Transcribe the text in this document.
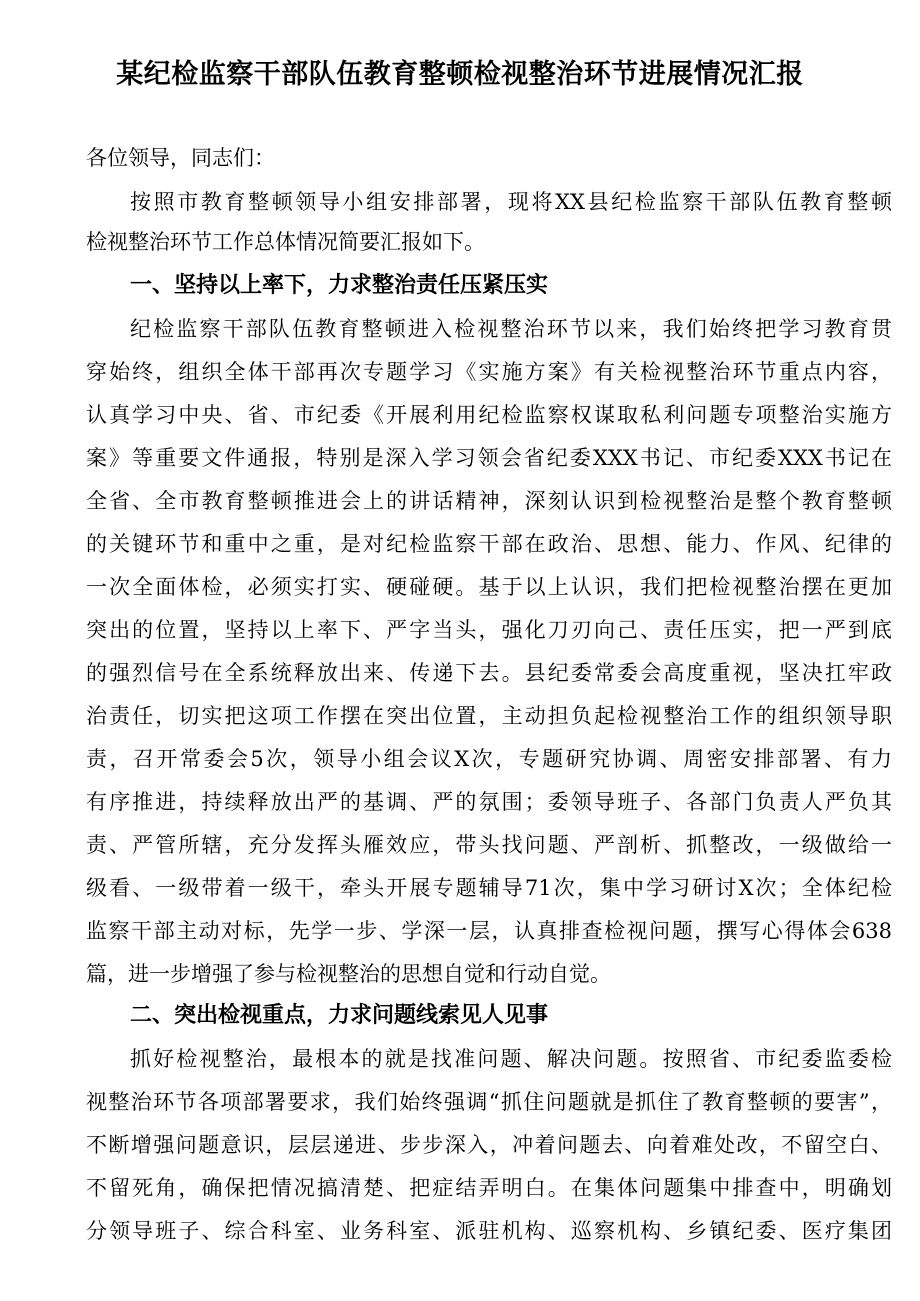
某纪检监察干部队伍教育整顿检视整治环节进展情况汇报
各位领导，同志们：
按照市教育整顿领导小组安排部署，现将XX县纪检监察干部队伍教育整顿
检视整治环节工作总体情况简要汇报如下。
一、坚持以上率下，力求整治责任压紧压实
纪检监察干部队伍教育整顿进入检视整治环节以来，我们始终把学习教育贯
穿始终，组织全体干部再次专题学习《实施方案》有关检视整治环节重点内容，
认真学习中央、省、市纪委《开展利用纪检监察权谋取私利问题专项整治实施方
案》等重要文件通报，特别是深入学习领会省纪委XXX书记、市纪委XXX书记在
全省、全市教育整顿推进会上的讲话精神，深刻认识到检视整治是整个教育整顿
的关键环节和重中之重，是对纪检监察干部在政治、思想、能力、作风、纪律的
一次全面体检，必须实打实、硬碰硬。基于以上认识，我们把检视整治摆在更加
突出的位置，坚持以上率下、严字当头，强化刀刃向己、责任压实，把一严到底
的强烈信号在全系统释放出来、传递下去。县纪委常委会高度重视，坚决扛牢政
治责任，切实把这项工作摆在突出位置，主动担负起检视整治工作的组织领导职
责，召开常委会5次，领导小组会议X次，专题研究协调、周密安排部署、有力
有序推进，持续释放出严的基调、严的氛围；委领导班子、各部门负责人严负其
责、严管所辖，充分发挥头雁效应，带头找问题、严剖析、抓整改，一级做给一
级看、一级带着一级干，牵头开展专题辅导71次，集中学习研讨X次；全体纪检
监察干部主动对标，先学一步、学深一层，认真排查检视问题，撰写心得体会638
篇，进一步增强了参与检视整治的思想自觉和行动自觉。
二、突出检视重点，力求问题线索见人见事
抓好检视整治，最根本的就是找准问题、解决问题。按照省、市纪委监委检
视整治环节各项部署要求，我们始终强调“抓住问题就是抓住了教育整顿的要害”，
不断增强问题意识，层层递进、步步深入，冲着问题去、向着难处改，不留空白、
不留死角，确保把情况搞清楚、把症结弄明白。在集体问题集中排查中，明确划
分领导班子、综合科室、业务科室、派驻机构、巡察机构、乡镇纪委、医疗集团
